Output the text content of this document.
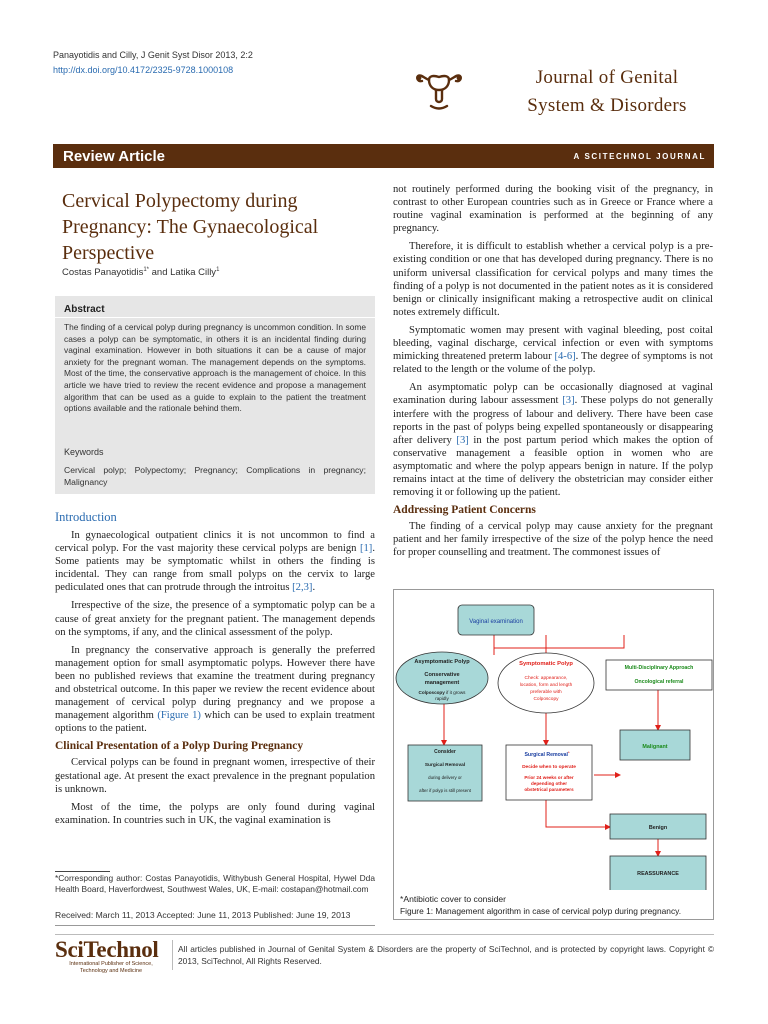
Panayotidis and Cilly, J Genit Syst Disor 2013, 2:2
http://dx.doi.org/10.4172/2325-9728.1000108	Journal of Genital
System & Disorders
Review Article	A SCITECHNOL JOURNAL
Cervical Polypectomy during Pregnancy: The Gynaecological Perspective
Costas Panayotidis$^{1*}$ and Latika Cilly$^1$
Abstract
The finding of a cervical polyp during pregnancy is uncommon condition. In some cases a polyp can be symptomatic, in others it is an incidental finding during vaginal examination. However in both situations it can be a cause of major anxiety for the pregnant woman. The management depends on the symptoms. Most of the time, the conservative approach is the management of choice. In this article we have tried to review the recent evidence and propose a management algorithm that can be used as a guide to explain to the patient the treatment options available and the rationale behind them.
Keywords
Cervical polyp; Polypectomy; Pregnancy; Complications in pregnancy; Malignancy
Introduction

In gynaecological outpatient clinics it is not uncommon to find a cervical polyp. For the vast majority these cervical polyps are benign [1]. Some patients may be symptomatic whilst in others the finding is incidental. They can range from small polyps on the cervix to large pediculated ones that can protrude through the introitus [2,3].

Irrespective of the size, the presence of a symptomatic polyp can be a cause of great anxiety for the pregnant patient. The management depends on the symptoms, if any, and the clinical assessment of the polyp.

In pregnancy the conservative approach is generally the preferred management option for small asymptomatic polyps. However there have been no published reviews that examine the treatment during pregnancy and obstetrical outcome. In this paper we review the recent evidence about management of cervical polyp during pregnancy and we propose a management algorithm (Figure 1) which can be used to explain treatment options to the patient.

Clinical Presentation of a Polyp During Pregnancy

Cervical polyps can be found in pregnant women, irrespective of their gestational age. At present the exact prevalence in the pregnant population is unknown.

Most of the time, the polyps are only found during vaginal examination. In countries such in UK, the vaginal examination is

not routinely performed during the booking visit of the pregnancy, in contrast to other European countries such as in Greece or France where a routine vaginal examination is performed at the beginning of any pregnancy.

Therefore, it is difficult to establish whether a cervical polyp is a pre-existing condition or one that has developed during pregnancy. There is no uniform universal classification for cervical polyps and many times the finding of a polyp is not documented in the patient notes as it is considered benign or clinically insignificant making a retrospective audit on clinical notes extremely difficult.

Symptomatic women may present with vaginal bleeding, post coital bleeding, vaginal discharge, cervical infection or even with symptoms mimicking threatened preterm labour [4-6]. The degree of symptoms is not related to the length or the volume of the polyp.

An asymptomatic polyp can be occasionally diagnosed at vaginal examination during labour assessment [3]. These polyps do not generally interfere with the progress of labour and delivery. There have been case reports in the past of polyps being expelled spontaneously or disappearing after delivery [3] in the post partum period which makes the option of conservative management a feasible option in women who are asymptomatic and where the polyp appears benign in nature. If the polyp remains intact at the time of delivery the obstetrician may consider either removing it or following up the patient.

Addressing Patient Concerns

The finding of a cervical polyp may cause anxiety for the pregnant patient and her family irrespective of the size of the polyp hence the need for proper counselling and treatment. The commonest issues of

Vaginal examination
Asymptomatic Polyp
Conservative
management
Colposcopy if it grows
rapidly
Symptomatic Polyp
Check: appearance,
location, form and length
preferable with
Colposcopy
Multi-Disciplinary Approach
Oncological referral
Consider
Surgical Removal
during delivery or
after if polyp is still present
Surgical Removal*
Decide when to operate
Prior 24 weeks or after
depending other
obstetrical parameters
Malignant
Benign
REASSURANCE
*Antibiotic cover to consider
Figure 1: Management algorithm in case of cervical polyp during pregnancy.
*Corresponding author: Costas Panayotidis, Withybush General Hospital, Hywel Dda Health Board, Haverfordwest, Southwest Wales, UK, E-mail: costapan@hotmail.com
Received: March 11, 2013 Accepted: June 11, 2013 Published: June 19, 2013
SciTechnol
International Publisher of Science,
Technology and Medicine
All articles published in Journal of Genital System & Disorders are the property of SciTechnol, and is protected by copyright laws. Copyright © 2013, SciTechnol, All Rights Reserved.
